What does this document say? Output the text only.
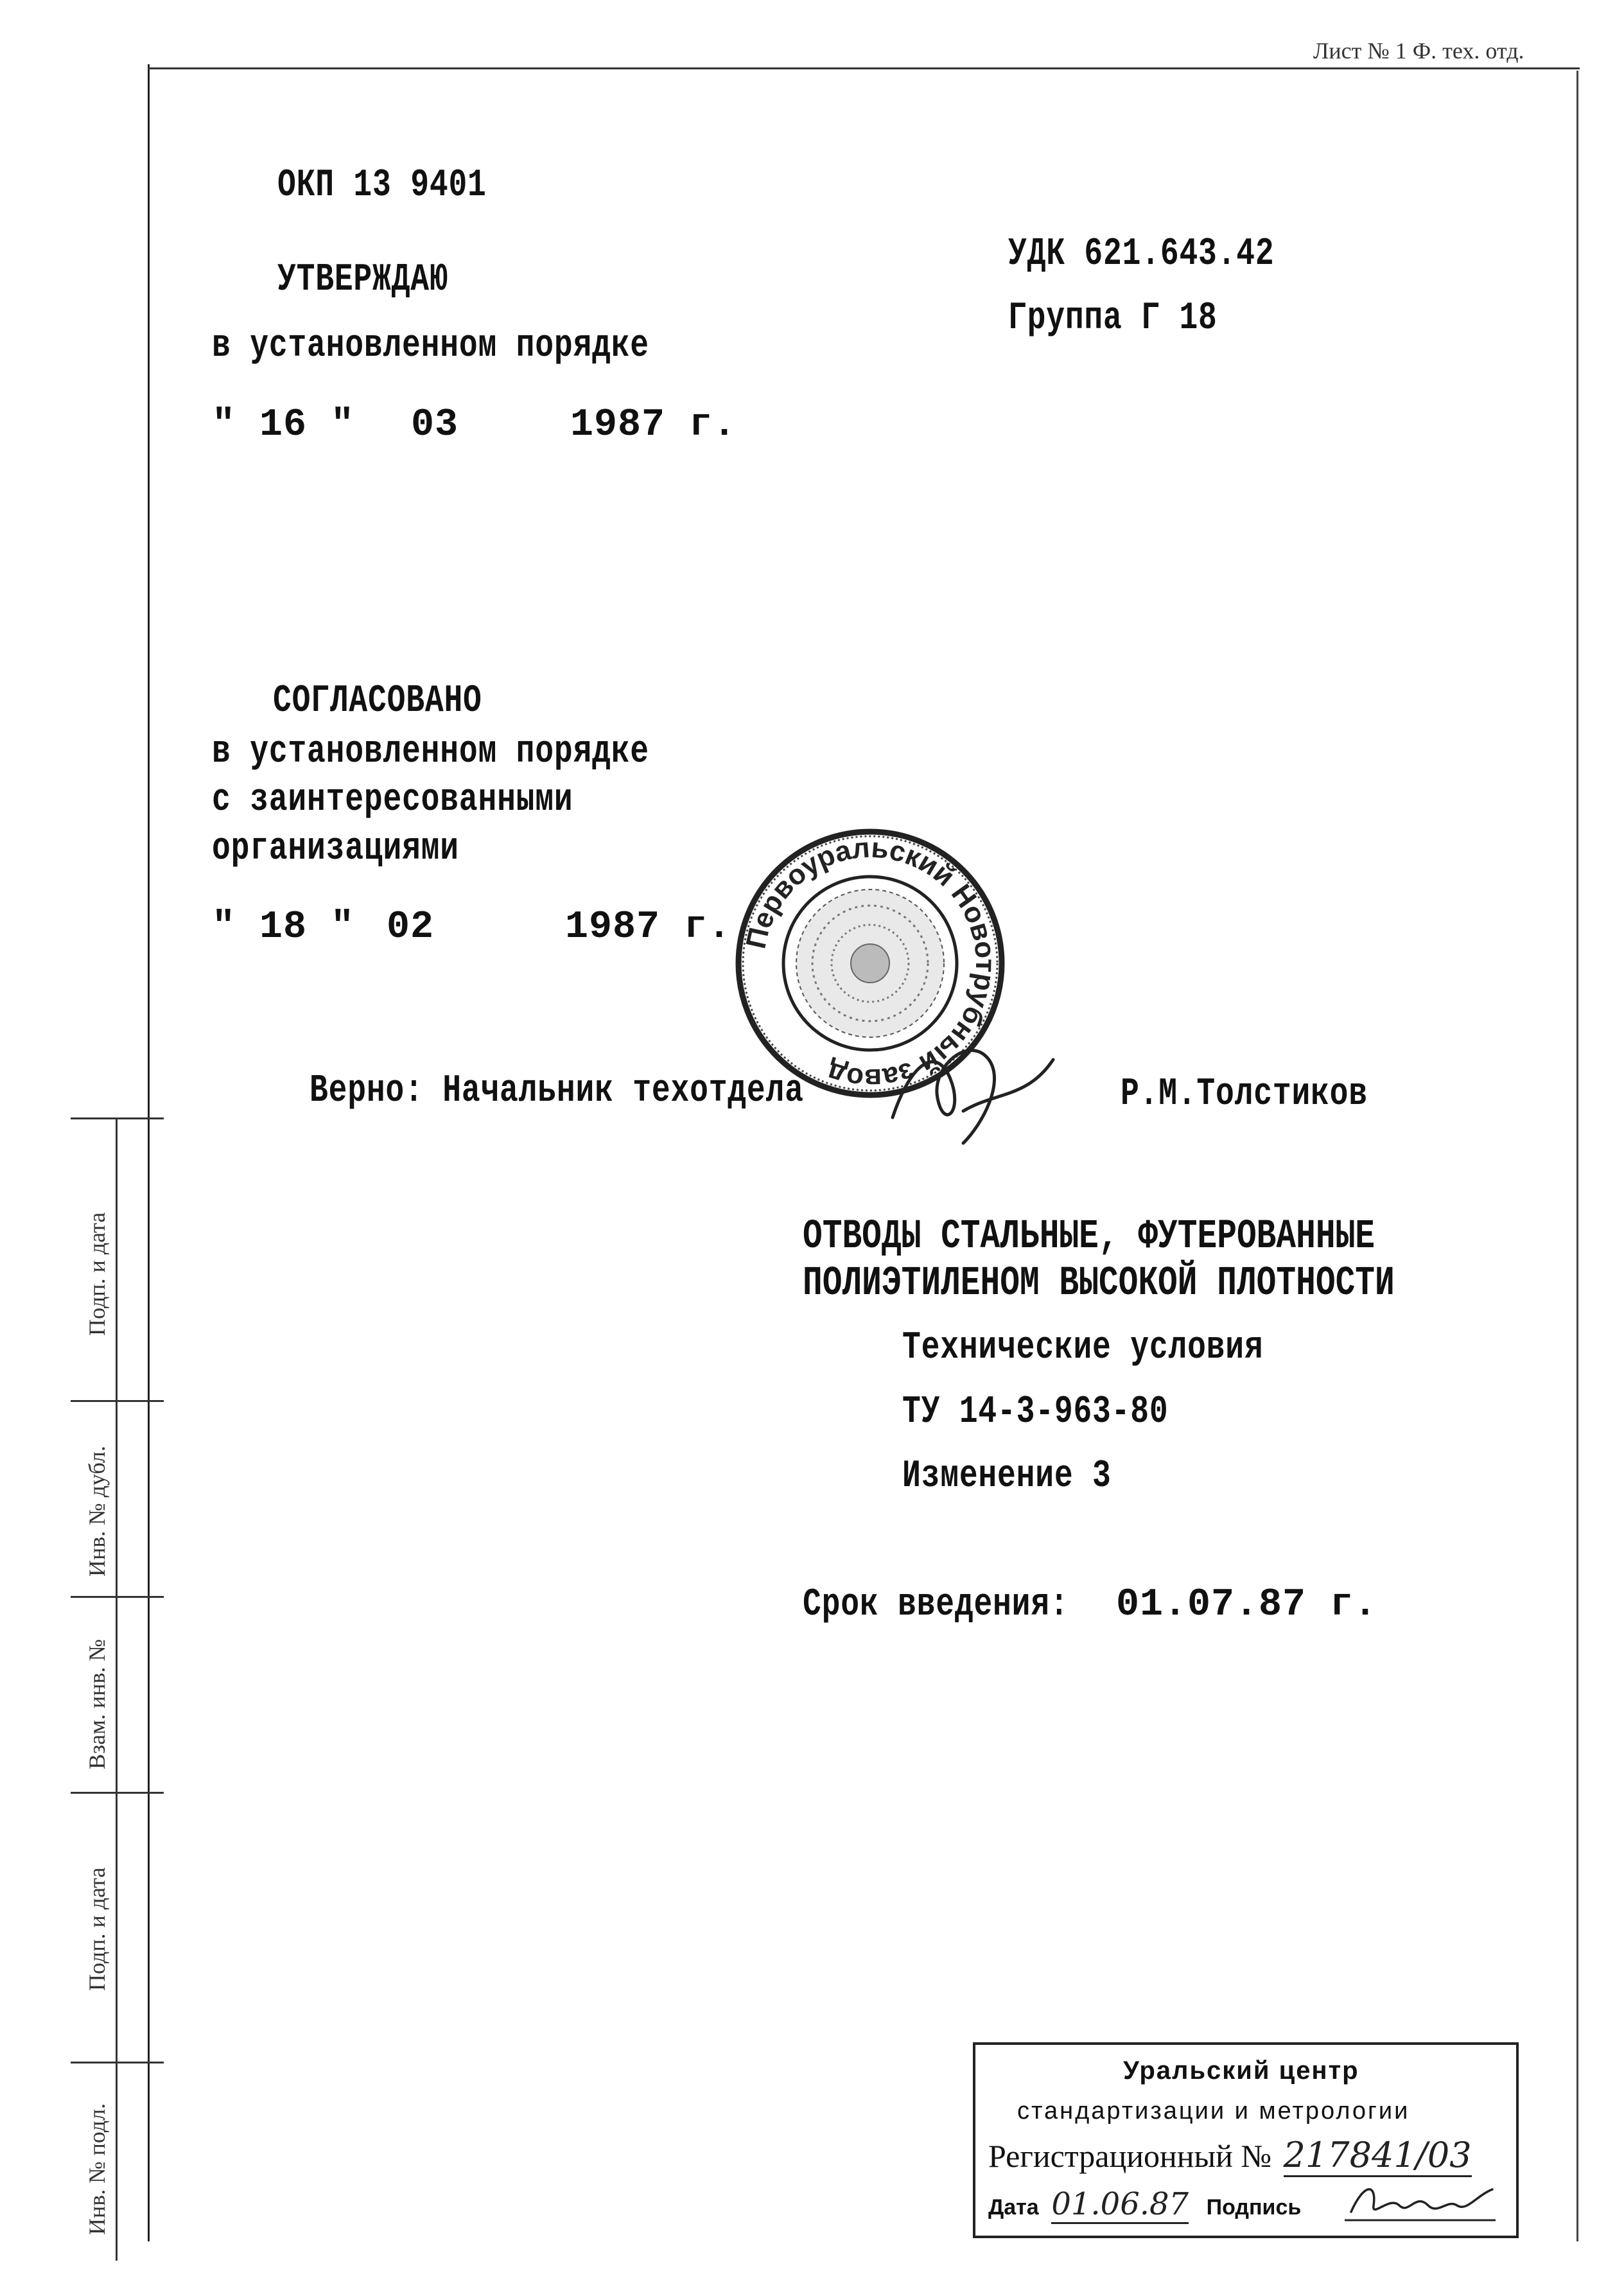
Лист № 1 Ф. тех. отд.
ОКП 13 9401
УДК 621.643.42
Группа Г 18
УТВЕРЖДАЮ
в установленном порядке
" 16 " 03	1987 г.
СОГЛАСОВАНО
в установленном порядке
с заинтересованными
организациями
" 18 " 02	1987 г. Первоуральский Новотрубный завод
Верно: Начальник техотдела	Р.М.Толстиков
ОТВОДЫ СТАЛЬНЫЕ, ФУТЕРОВАННЫЕ
ПОЛИЭТИЛЕНОМ ВЫСОКОЙ ПЛОТНОСТИ
Технические условия
ТУ 14-3-963-80
Изменение 3
Срок введения: 01.07.87 г.
Подп. и дата
Инв. № дубл.
Взам. инв. №
Подп. и дата
Инв. № подл.
Уральский центр
стандартизации и метрологии
Регистрационный № 217841/03
Дата 01.06.87 Подпись
